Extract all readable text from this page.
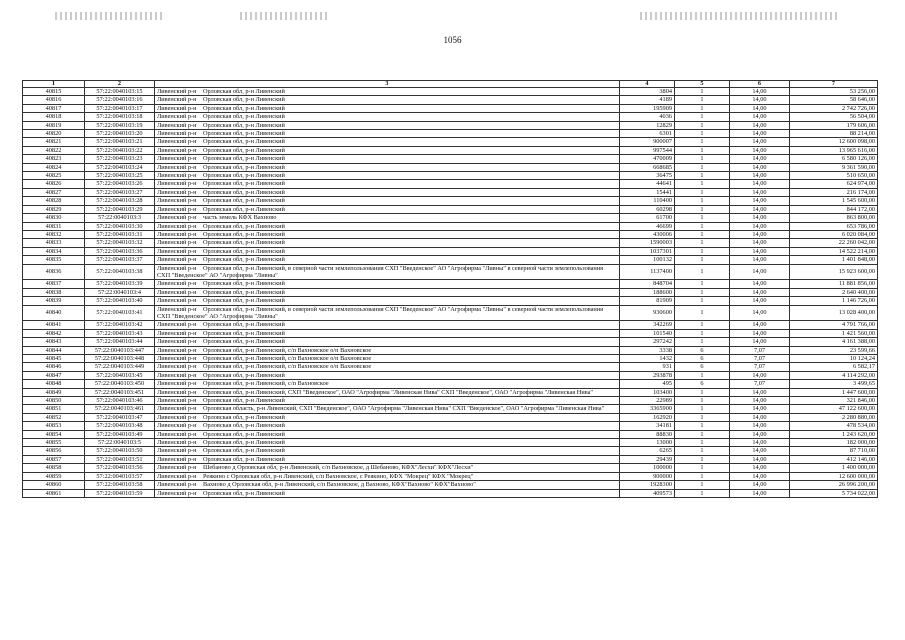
1056
1	2	3	4	5	6	7
40815	57:22:0040103:15	Ливенский р-н Орловская обл, р-н Ливенский	3804	1	14,00	53 256,00
40816	57:22:0040103:16	Ливенский р-н Орловская обл, р-н Ливенский	4189	1	14,00	58 646,00
40817	57:22:0040103:17	Ливенский р-н Орловская обл, р-н Ливенский	195909	1	14,00	2 742 726,00
40818	57:22:0040103:18	Ливенский р-н Орловская обл, р-н Ливенский	4036	1	14,00	56 504,00
40819	57:22:0040103:19	Ливенский р-н Орловская обл, р-н Ливенский	12829	1	14,00	179 606,00
40820	57:22:0040103:20	Ливенский р-н Орловская обл, р-н Ливенский	6301	1	14,00	88 214,00
40821	57:22:0040103:21	Ливенский р-н Орловская обл, р-н Ливенский	900007	1	14,00	12 600 098,00
40822	57:22:0040103:22	Ливенский р-н Орловская обл, р-н Ливенский	997544	1	14,00	13 965 616,00
40823	57:22:0040103:23	Ливенский р-н Орловская обл, р-н Ливенский	470009	1	14,00	6 580 126,00
40824	57:22:0040103:24	Ливенский р-н Орловская обл, р-н Ливенский	668685	1	14,00	9 361 590,00
40825	57:22:0040103:25	Ливенский р-н Орловская обл, р-н Ливенский	36475	1	14,00	510 650,00
40826	57:22:0040103:26	Ливенский р-н Орловская обл, р-н Ливенский	44641	1	14,00	624 974,00
40827	57:22:0040103:27	Ливенский р-н Орловская обл, р-н Ливенский	15441	1	14,00	216 174,00
40828	57:22:0040103:28	Ливенский р-н Орловская обл, р-н Ливенский	110400	1	14,00	1 545 600,00
40829	57:22:0040103:29	Ливенский р-н Орловская обл, р-н Ливенский	60298	1	14,00	844 172,00
40830	57:22:0040103:3	Ливенский р-н часть земель КФХ Вахново	61700	1	14,00	863 800,00
40831	57:22:0040103:30	Ливенский р-н Орловская обл, р-н Ливенский	46699	1	14,00	653 786,00
40832	57:22:0040103:31	Ливенский р-н Орловская обл, р-н Ливенский	430006	1	14,00	6 020 084,00
40833	57:22:0040103:32	Ливенский р-н Орловская обл, р-н Ливенский	1590003	1	14,00	22 260 042,00
40834	57:22:0040103:36	Ливенский р-н Орловская обл, р-н Ливенский	1037301	1	14,00	14 522 214,00
40835	57:22:0040103:37	Ливенский р-н Орловская обл, р-н Ливенский	100132	1	14,00	1 401 848,00
40836	57:22:0040103:38	Ливенский р-н Орловская обл, р-н Ливенский, в северной части землепользования СХП "Введенское" АО "Агрофирма "Ливны" в северной части землепользования СХП "Введенское" АО "Агрофирма "Ливны"	1137400	1	14,00	15 923 600,00
40837	57:22:0040103:39	Ливенский р-н Орловская обл, р-н Ливенский	848704	1	14,00	11 881 856,00
40838	57:22:0040103:4	Ливенский р-н Орловская обл, р-н Ливенский	188600	1	14,00	2 640 400,00
40839	57:22:0040103:40	Ливенский р-н Орловская обл, р-н Ливенский	81909	1	14,00	1 146 726,00
40840	57:22:0040103:41	Ливенский р-н Орловская обл, р-н Ливенский, в северной части землепользования СХП "Введенское" АО "Агрофирма "Ливны" в северной части землепользования СХП "Введенское" АО "Агрофирма "Ливны"	930600	1	14,00	13 028 400,00
40841	57:22:0040103:42	Ливенский р-н Орловская обл, р-н Ливенский	342269	1	14,00	4 791 766,00
40842	57:22:0040103:43	Ливенский р-н Орловская обл, р-н Ливенский	101540	1	14,00	1 421 560,00
40843	57:22:0040103:44	Ливенский р-н Орловская обл, р-н Ливенский	297242	1	14,00	4 161 388,00
40844	57:22:0040103:447	Ливенский р-н Орловская обл, р-н Ливенский, с/п Вахновское о/п Вахновское	3338	6	7,07	23 599,66
40845	57:22:0040103:448	Ливенский р-н Орловская обл, р-н Ливенский, с/п Вахновское о/п Вахновское	1432	6	7,07	10 124,24
40846	57:22:0040103:449	Ливенский р-н Орловская обл, р-н Ливенский, с/п Вахновское о/п Вахновское	931	6	7,07	6 582,17
40847	57:22:0040103:45	Ливенский р-н Орловская обл, р-н Ливенский	293878	1	14,00	4 114 292,00
40848	57:22:0040103:450	Ливенский р-н Орловская обл, р-н Ливенский, с/п Вахновское	495	6	7,07	3 499,65
40849	57:22:0040103:451	Ливенский р-н Орловская обл, р-н Ливенский, СХП "Введенское", ОАО "Агрофирма "Ливенская Нива" СХП "Введенское", ОАО "Агрофирма "Ливенская Нива"	103400	1	14,00	1 447 600,00
40850	57:22:0040103:46	Ливенский р-н Орловская обл, р-н Ливенский	22989	1	14,00	321 846,00
40851	57:22:0040103:461	Ливенский р-н Орловская область, р-н Ливенский, СХП "Введенское", ОАО "Агрофирма "Ливенская Нива" СХП "Введенское", ОАО "Агрофирма "Ливенская Нива"	3365900	1	14,00	47 122 600,00
40852	57:22:0040103:47	Ливенский р-н Орловская обл, р-н Ливенский	162920	1	14,00	2 280 880,00
40853	57:22:0040103:48	Ливенский р-н Орловская обл, р-н Ливенский	34181	1	14,00	478 534,00
40854	57:22:0040103:49	Ливенский р-н Орловская обл, р-н Ливенский	88830	1	14,00	1 243 620,00
40855	57:22:0040103:5	Ливенский р-н Орловская обл, р-н Ливенский	13000	1	14,00	182 000,00
40856	57:22:0040103:50	Ливенский р-н Орловская обл, р-н Ливенский	6265	1	14,00	87 710,00
40857	57:22:0040103:51	Ливенский р-н Орловская обл, р-н Ливенский	29439	1	14,00	412 146,00
40858	57:22:0040103:56	Ливенский р-н Шебаново д Орловская обл, р-н Ливенский, с/п Вахновское, д Шебаново, КФХ"Лесхи" КФХ"Лесхи"	100000	1	14,00	1 400 000,00
40859	57:22:0040103:57	Ливенский р-н Реякино с Орловская обл, р-н Ливенский, с/п Вахновское, с Реякино, КФХ "Мокрец" КФХ "Мокрец"	900000	1	14,00	12 600 000,00
40860	57:22:0040103:58	Ливенский р-н Вахново д Орловская обл, р-н Ливенский, с/п Вахновское, д Вахново, КФХ"Вахново" КФХ"Вахново"	1928300	1	14,00	26 996 200,00
40861	57:22:0040103:59	Ливенский р-н Орловская обл, р-н Ливенский	409573	1	14,00	5 734 022,00
